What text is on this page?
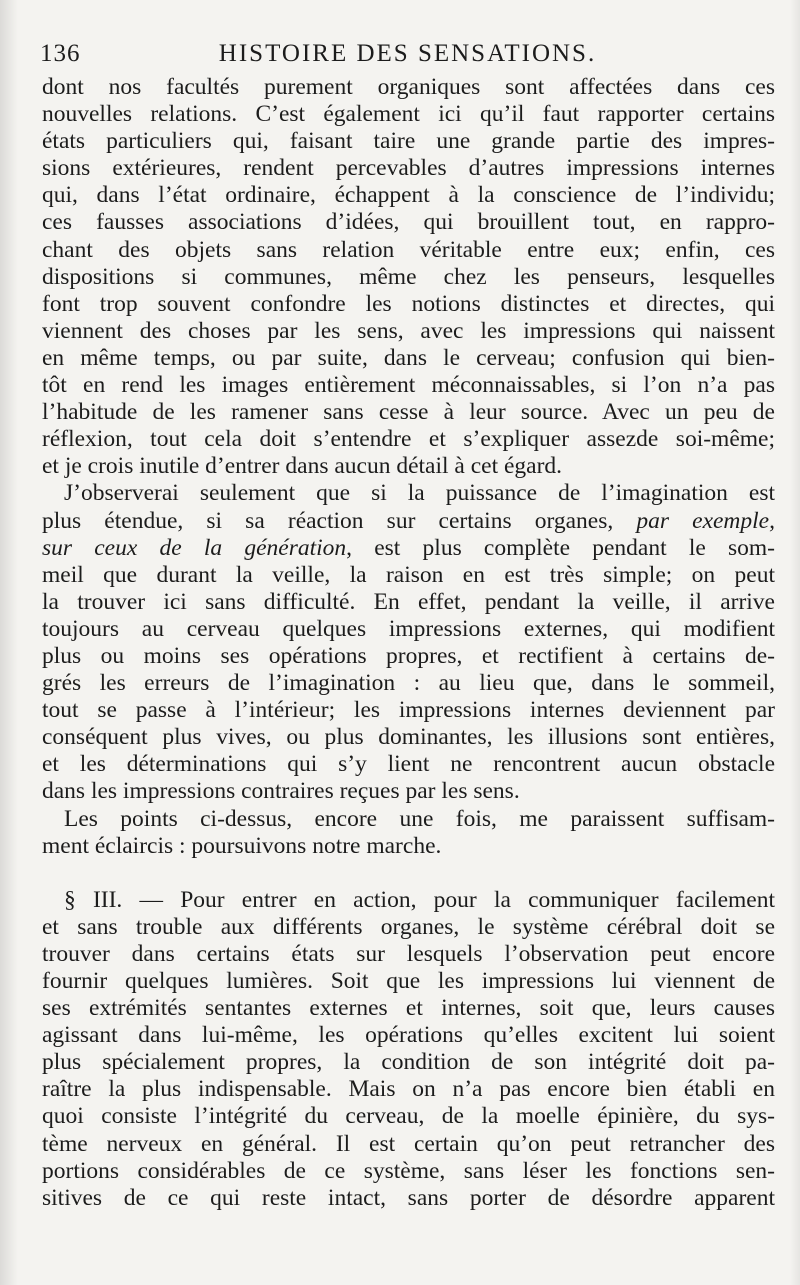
136	HISTOIRE DES SENSATIONS.
dont nos facultés purement organiques sont affectées dans ces
nouvelles relations. C’est également ici qu’il faut rapporter certains
états particuliers qui, faisant taire une grande partie des impres-
sions extérieures, rendent percevables d’autres impressions internes
qui, dans l’état ordinaire, échappent à la conscience de l’individu;
ces fausses associations d’idées, qui brouillent tout, en rappro-
chant des objets sans relation véritable entre eux; enfin, ces
dispositions si communes, même chez les penseurs, lesquelles
font trop souvent confondre les notions distinctes et directes, qui
viennent des choses par les sens, avec les impressions qui naissent
en même temps, ou par suite, dans le cerveau; confusion qui bien-
tôt en rend les images entièrement méconnaissables, si l’on n’a pas
l’habitude de les ramener sans cesse à leur source. Avec un peu de
réflexion, tout cela doit s’entendre et s’expliquer assezde soi-même;
et je crois inutile d’entrer dans aucun détail à cet égard.
J’observerai seulement que si la puissance de l’imagination est
plus étendue, si sa réaction sur certains organes, par exemple,
sur ceux de la génération, est plus complète pendant le som-
meil que durant la veille, la raison en est très simple; on peut
la trouver ici sans difficulté. En effet, pendant la veille, il arrive
toujours au cerveau quelques impressions externes, qui modifient
plus ou moins ses opérations propres, et rectifient à certains de-
grés les erreurs de l’imagination : au lieu que, dans le sommeil,
tout se passe à l’intérieur; les impressions internes deviennent par
conséquent plus vives, ou plus dominantes, les illusions sont entières,
et les déterminations qui s’y lient ne rencontrent aucun obstacle
dans les impressions contraires reçues par les sens.
Les points ci-dessus, encore une fois, me paraissent suffisam-
ment éclaircis : poursuivons notre marche.
§ III. — Pour entrer en action, pour la communiquer facilement
et sans trouble aux différents organes, le système cérébral doit se
trouver dans certains états sur lesquels l’observation peut encore
fournir quelques lumières. Soit que les impressions lui viennent de
ses extrémités sentantes externes et internes, soit que, leurs causes
agissant dans lui-même, les opérations qu’elles excitent lui soient
plus spécialement propres, la condition de son intégrité doit pa-
raître la plus indispensable. Mais on n’a pas encore bien établi en
quoi consiste l’intégrité du cerveau, de la moelle épinière, du sys-
tème nerveux en général. Il est certain qu’on peut retrancher des
portions considérables de ce système, sans léser les fonctions sen-
sitives de ce qui reste intact, sans porter de désordre apparent
